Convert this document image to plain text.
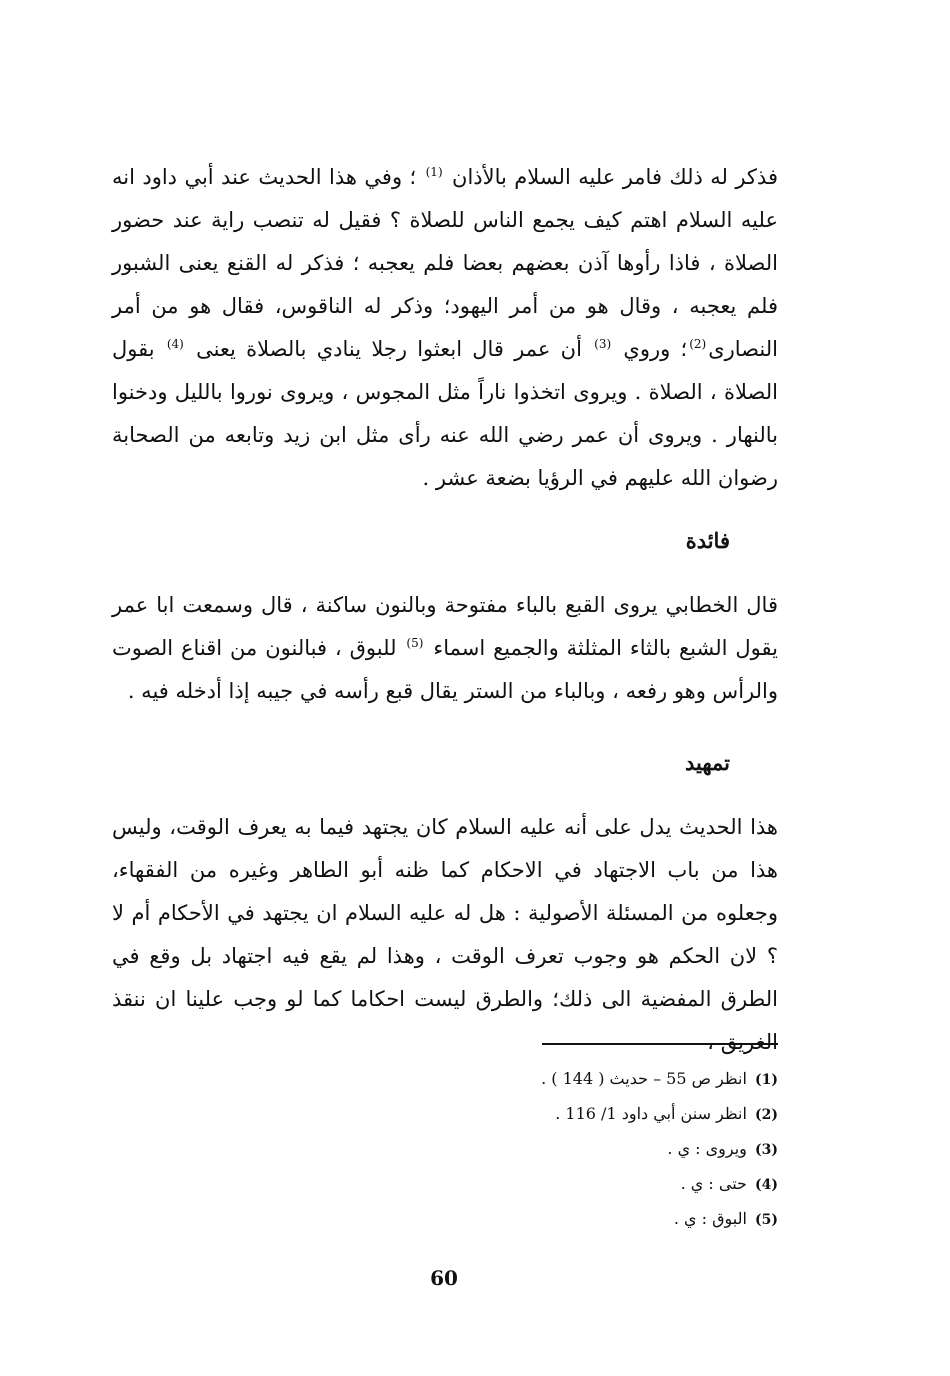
فذكر له ذلك فامر عليه السلام بالأذان $^{(1)}$ ؛ وفي هذا الحديث عند أبي داود انه عليه السلام اهتم كيف يجمع الناس للصلاة ؟ فقيل له تنصب راية عند حضور الصلاة ، فاذا رأوها آذن بعضهم بعضا فلم يعجبه ؛ فذكر له القنع يعنى الشبور فلم يعجبه ، وقال هو من أمر اليهود؛ وذكر له الناقوس، فقال هو من أمر النصارى$^{(2)}$؛ وروي $^{(3)}$ أن عمر قال ابعثوا رجلا ينادي بالصلاة يعنى $^{(4)}$ بقول الصلاة ، الصلاة . ويروى اتخذوا ناراً مثل المجوس ، ويروى نوروا بالليل ودخنوا بالنهار . ويروى أن عمر رضي الله عنه رأى مثل ابن زيد وتابعه من الصحابة رضوان الله عليهم في الرؤيا بضعة عشر .

فائدة

قال الخطابي يروى القبع بالباء مفتوحة وبالنون ساكنة ، قال وسمعت ابا عمر يقول الشبع بالثاء المثلثة والجميع اسماء $^{(5)}$ للبوق ، فبالنون من اقناع الصوت والرأس وهو رفعه ، وبالباء من الستر يقال قبع رأسه في جيبه إذا أدخله فيه .

تمهيد

هذا الحديث يدل على أنه عليه السلام كان يجتهد فيما به يعرف الوقت، وليس هذا من باب الاجتهاد في الاحكام كما ظنه أبو الطاهر وغيره من الفقهاء، وجعلوه من المسئلة الأصولية : هل له عليه السلام ان يجتهد في الأحكام أم لا ؟ لان الحكم هو وجوب تعرف الوقت ، وهذا لم يقع فيه اجتهاد بل وقع في الطرق المفضية الى ذلك؛ والطرق ليست احكاما كما لو وجب علينا ان ننقذ الغريق ،

(1) انظر ص 55 – حديث ( 144 ) .
(2) انظر سنن أبي داود 1/ 116 .
(3) ويروى : ي .
(4) حتى : ي .
(5) البوق : ي .
60
